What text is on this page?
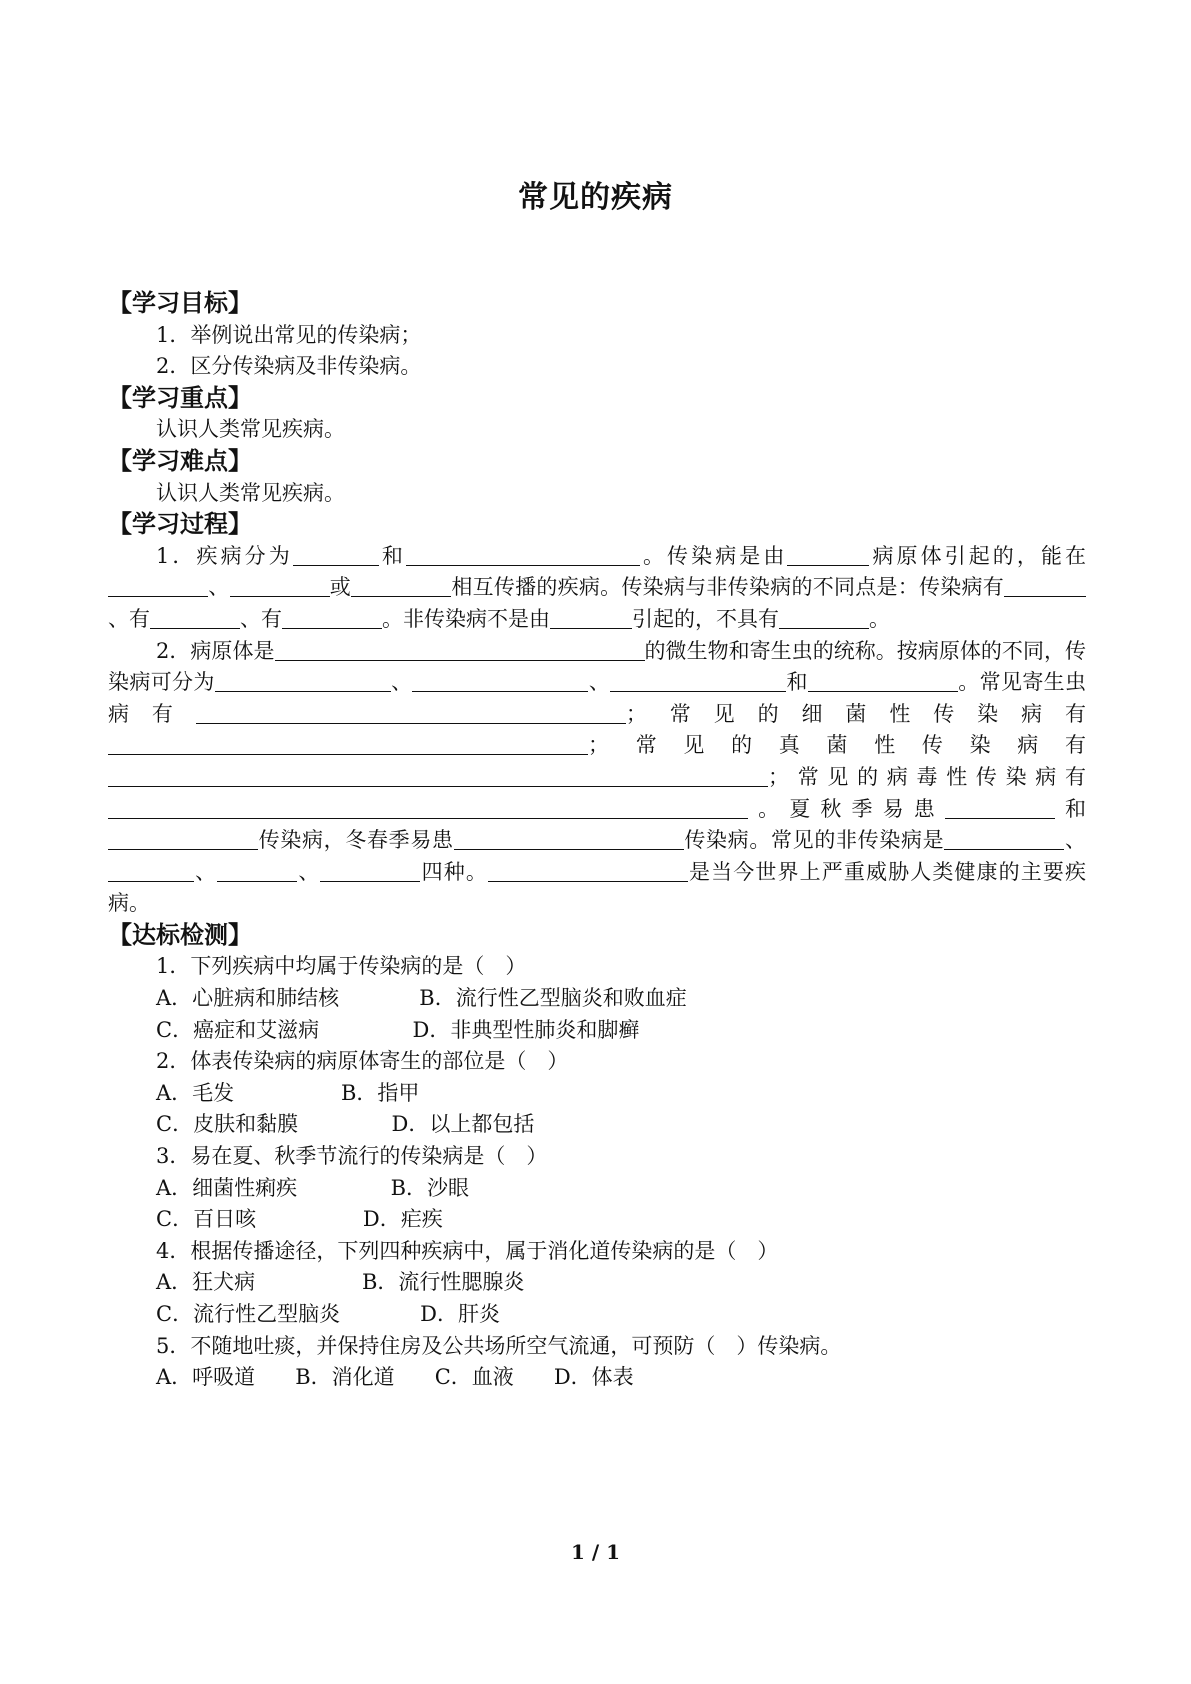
常见的疾病
【学习目标】
1．举例说出常见的传染病；
2．区分传染病及非传染病。
【学习重点】
认识人类常见疾病。
【学习难点】
认识人类常见疾病。
【学习过程】
1．疾病分为	和	。传染病是由	病原体引起的，能在、	或	相互传播的疾病。传染病与非传染病的不同点是：传染病有、有	、有	。非传染病不是由	引起的，不具有	。
2．病原体是	的微生物和寄生虫的统称。按病原体的不同，传染病可分为	、	、	和	。常见寄生虫病有	；常见的细菌性传染病有；常见的真菌性传染病有；常见的病毒性传染病有。夏秋季易患	和传染病，冬春季易患	传染病。常见的非传染病是	、、	、	四种。	是当今世界上严重威胁人类健康的主要疾病。
【达标检测】
1．下列疾病中均属于传染病的是（　）
A．心脏病和肺结核            B．流行性乙型脑炎和败血症
C．癌症和艾滋病              D．非典型性肺炎和脚癣
2．体表传染病的病原体寄生的部位是（　）
A．毛发                B．指甲
C．皮肤和黏膜              D．以上都包括
3．易在夏、秋季节流行的传染病是（　）
A．细菌性痢疾              B．沙眼
C．百日咳                D．疟疾
4．根据传播途径，下列四种疾病中，属于消化道传染病的是（　）
A．狂犬病                B．流行性腮腺炎
C．流行性乙型脑炎            D．肝炎
5．不随地吐痰，并保持住房及公共场所空气流通，可预防（　）传染病。
A．呼吸道      B．消化道      C．血液      D．体表
1 / 1
